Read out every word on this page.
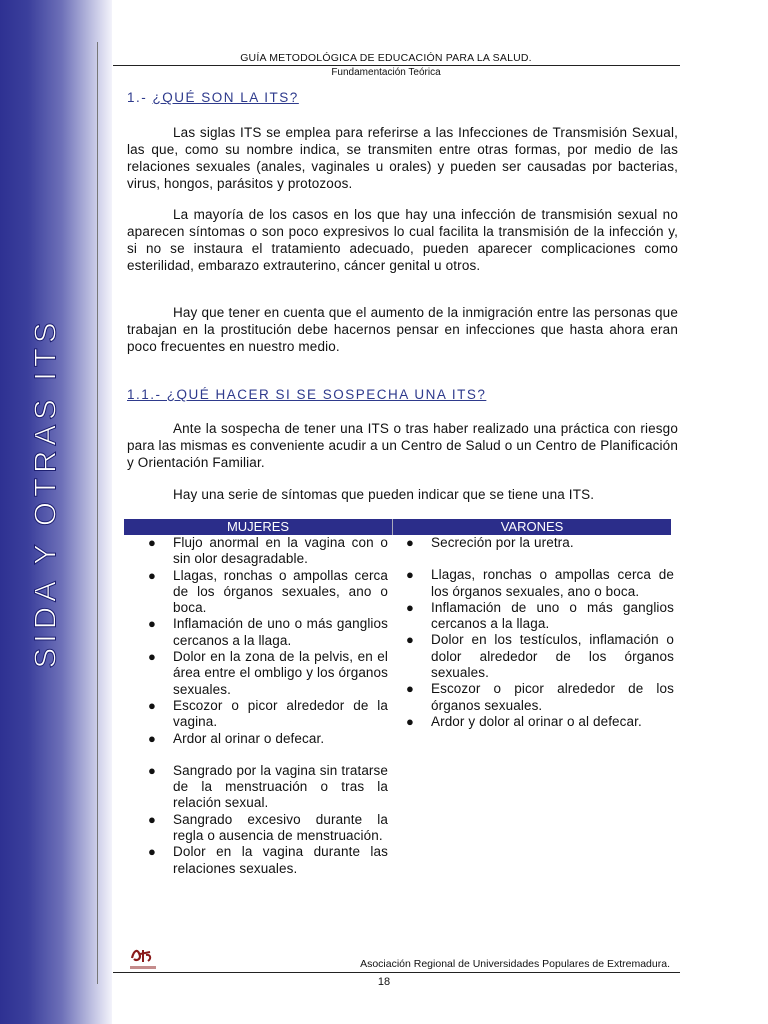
SIDA Y OTRAS ITS
GUÍA METODOLÓGICA DE EDUCACIÓN PARA LA SALUD.
Fundamentación Teórica
1.- ¿QUÉ SON LA ITS?
Las siglas ITS se emplea para referirse a las Infecciones de Transmisión Sexual, las que, como su nombre indica, se transmiten entre otras formas, por medio de las relaciones sexuales (anales, vaginales u orales) y pueden ser causadas por bacterias, virus, hongos, parásitos y protozoos.
La mayoría de los casos en los que hay una infección de transmisión sexual no aparecen síntomas o son poco expresivos lo cual facilita la transmisión de la infección y, si no se instaura el tratamiento adecuado, pueden aparecer complicaciones como esterilidad, embarazo extrauterino, cáncer genital u otros.
Hay que tener en cuenta que el aumento de la inmigración entre las personas que trabajan en la prostitución debe hacernos pensar en infecciones que hasta ahora eran poco frecuentes en nuestro medio.
1.1.- ¿QUÉ HACER SI SE SOSPECHA UNA ITS?
Ante la sospecha de tener una ITS o tras haber realizado una práctica con riesgo para las mismas es conveniente acudir a un Centro de Salud o un Centro de Planificación y Orientación Familiar.
Hay una serie de síntomas que pueden indicar que se tiene una ITS.
MUJERES	VARONES
● Flujo anormal en la vagina con o sin olor desagradable.
● Llagas, ronchas o ampollas cerca de los órganos sexuales, ano o boca.
● Inflamación de uno o más ganglios cercanos a la llaga.
● Dolor en la zona de la pelvis, en el área entre el ombligo y los órganos sexuales.
● Escozor o picor alrededor de la vagina.
● Ardor al orinar o defecar.
● Sangrado por la vagina sin tratarse de la menstruación o tras la relación sexual.
● Sangrado excesivo durante la regla o ausencia de menstruación.
● Dolor en la vagina durante las relaciones sexuales.
● Secreción por la uretra.
● Llagas, ronchas o ampollas cerca de los órganos sexuales, ano o boca.
● Inflamación de uno o más ganglios cercanos a la llaga.
● Dolor en los testículos, inflamación o dolor alrededor de los órganos sexuales.
● Escozor o picor alrededor de los órganos sexuales.
● Ardor y dolor al orinar o al defecar.
Asociación Regional de Universidades Populares de Extremadura.
18
